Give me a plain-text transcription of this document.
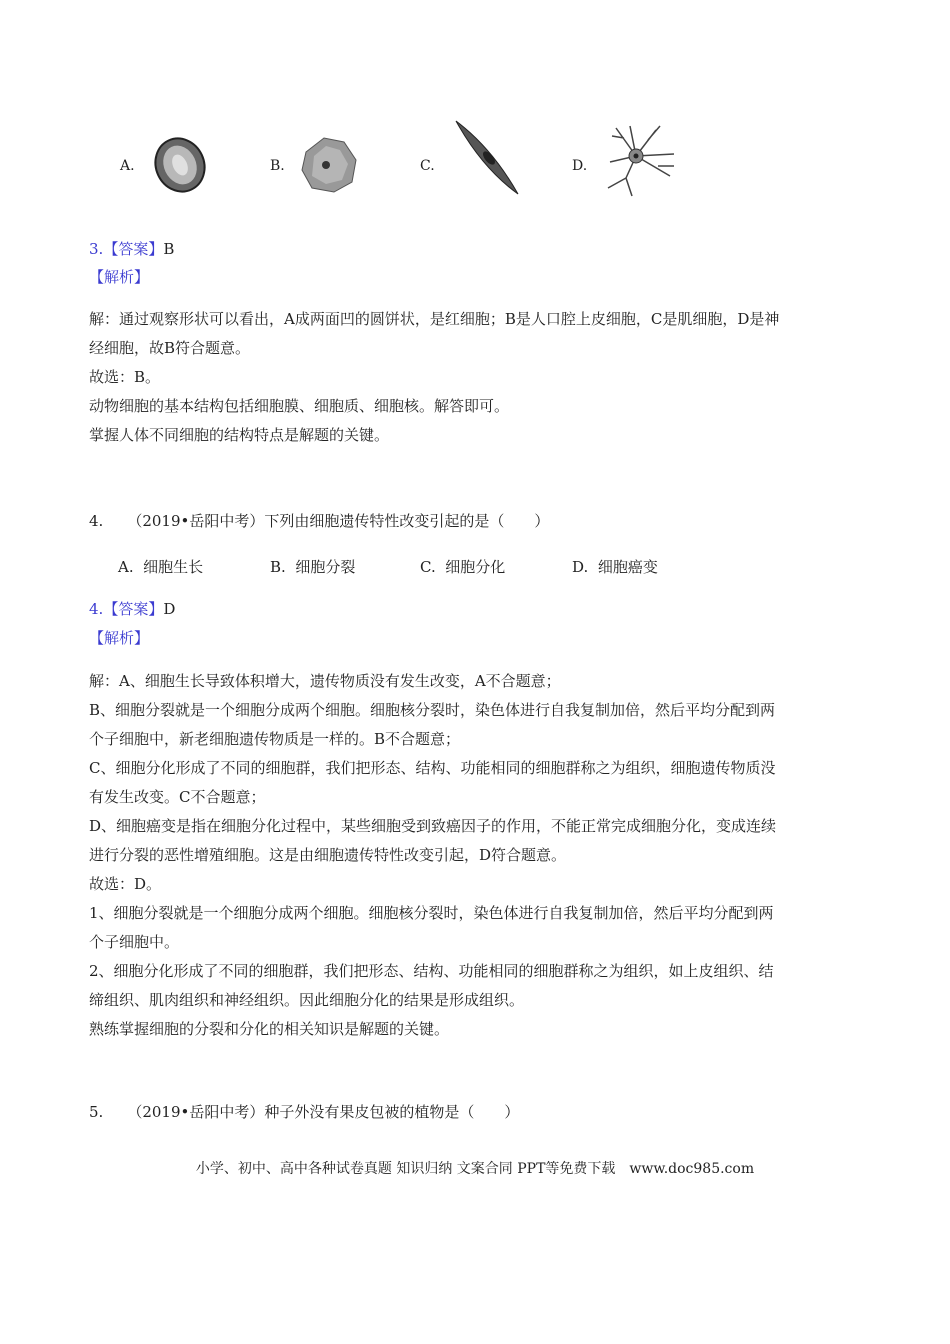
A.	B.	C.	D.
3.【答案】B
【解析】
解：通过观察形状可以看出，A成两面凹的圆饼状，是红细胞；B是人口腔上皮细胞，C是肌细胞，D是神
经细胞，故B符合题意。
故选：B。
动物细胞的基本结构包括细胞膜、细胞质、细胞核。解答即可。
掌握人体不同细胞的结构特点是解题的关键。
4. （2019•岳阳中考）下列由细胞遗传特性改变引起的是（　　）
A. 细胞生长	B. 细胞分裂	C. 细胞分化	D. 细胞癌变
4.【答案】D
【解析】
解：A、细胞生长导致体积增大，遗传物质没有发生改变，A不合题意；
B、细胞分裂就是一个细胞分成两个细胞。细胞核分裂时，染色体进行自我复制加倍，然后平均分配到两
个子细胞中，新老细胞遗传物质是一样的。B不合题意；
C、细胞分化形成了不同的细胞群，我们把形态、结构、功能相同的细胞群称之为组织，细胞遗传物质没
有发生改变。C不合题意；
D、细胞癌变是指在细胞分化过程中，某些细胞受到致癌因子的作用，不能正常完成细胞分化，变成连续
进行分裂的恶性增殖细胞。这是由细胞遗传特性改变引起，D符合题意。
故选：D。
1、细胞分裂就是一个细胞分成两个细胞。细胞核分裂时，染色体进行自我复制加倍，然后平均分配到两
个子细胞中。
2、细胞分化形成了不同的细胞群，我们把形态、结构、功能相同的细胞群称之为组织，如上皮组织、结
缔组织、肌肉组织和神经组织。因此细胞分化的结果是形成组织。
熟练掌握细胞的分裂和分化的相关知识是解题的关键。
5. （2019•岳阳中考）种子外没有果皮包被的植物是（　　）
小学、初中、高中各种试卷真题 知识归纳 文案合同 PPT等免费下载　www.doc985.com
